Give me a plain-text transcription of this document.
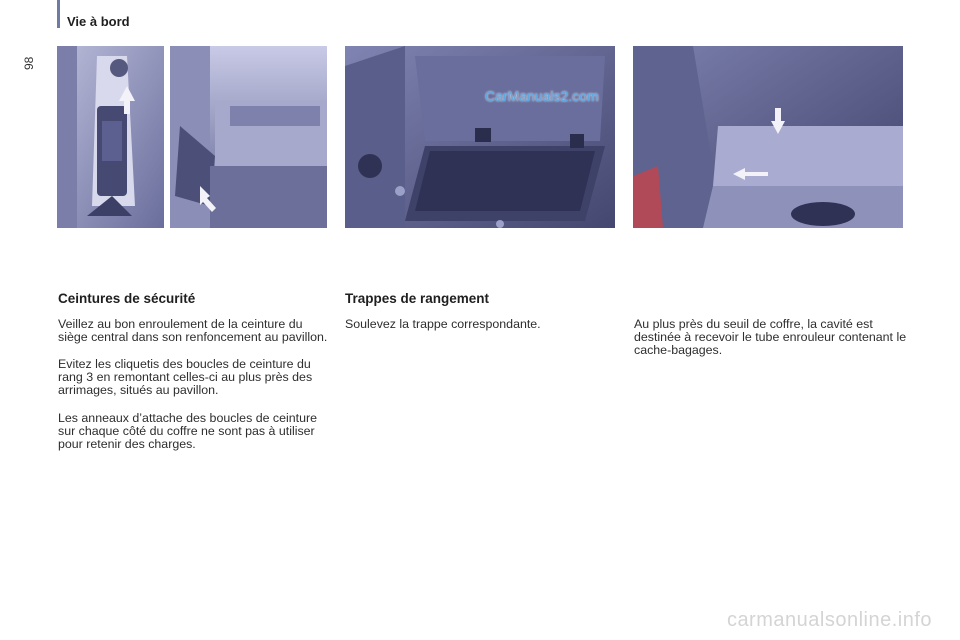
Vie à bord
98
CarManuals2.com
Ceintures de sécurité

Veillez au bon enroulement de la ceinture du siège central dans son renfoncement au pavillon.

Evitez les cliquetis des boucles de ceinture du rang 3 en remontant celles-ci au plus près des arrimages, situés au pavillon.

Les anneaux d’attache des boucles de ceinture sur chaque côté du coffre ne sont pas à utiliser pour retenir des charges.

Trappes de rangement

Soulevez la trappe correspondante.	Au plus près du seuil de coffre, la cavité est destinée à recevoir le tube enrouleur contenant le cache-bagages.

carmanualsonline.info
